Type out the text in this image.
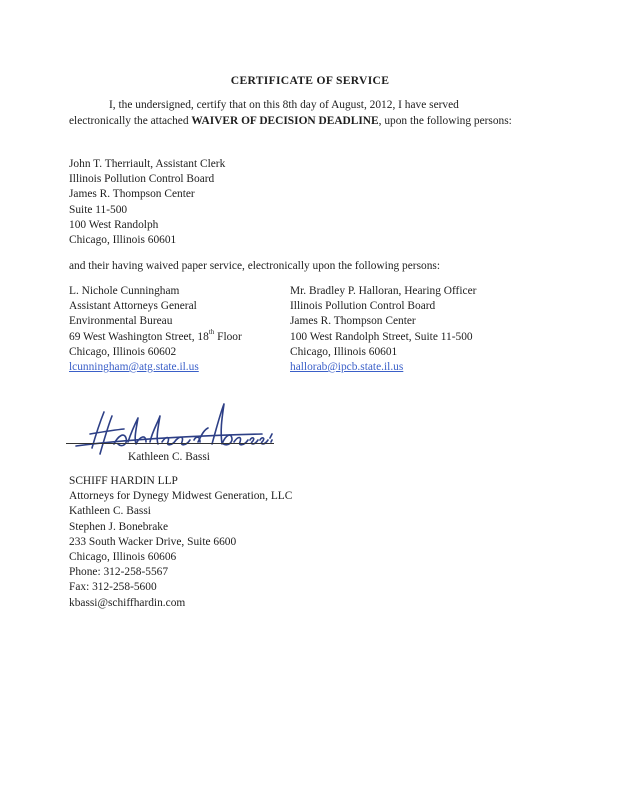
CERTIFICATE OF SERVICE
I, the undersigned, certify that on this 8th day of August, 2012, I have served electronically the attached WAIVER OF DECISION DEADLINE, upon the following persons:
John T. Therriault, Assistant Clerk
Illinois Pollution Control Board
James R. Thompson Center
Suite 11-500
100 West Randolph
Chicago, Illinois 60601
and their having waived paper service, electronically upon the following persons:
L. Nichole Cunningham
Assistant Attorneys General
Environmental Bureau
69 West Washington Street, 18th Floor
Chicago, Illinois 60602
lcunningham@atg.state.il.us
Mr. Bradley P. Halloran, Hearing Officer
Illinois Pollution Control Board
James R. Thompson Center
100 West Randolph Street, Suite 11-500
Chicago, Illinois 60601
hallorab@ipcb.state.il.us
Kathleen C. Bassi
SCHIFF HARDIN LLP
Attorneys for Dynegy Midwest Generation, LLC
Kathleen C. Bassi
Stephen J. Bonebrake
233 South Wacker Drive, Suite 6600
Chicago, Illinois 60606
Phone: 312-258-5567
Fax: 312-258-5600
kbassi@schiffhardin.com
